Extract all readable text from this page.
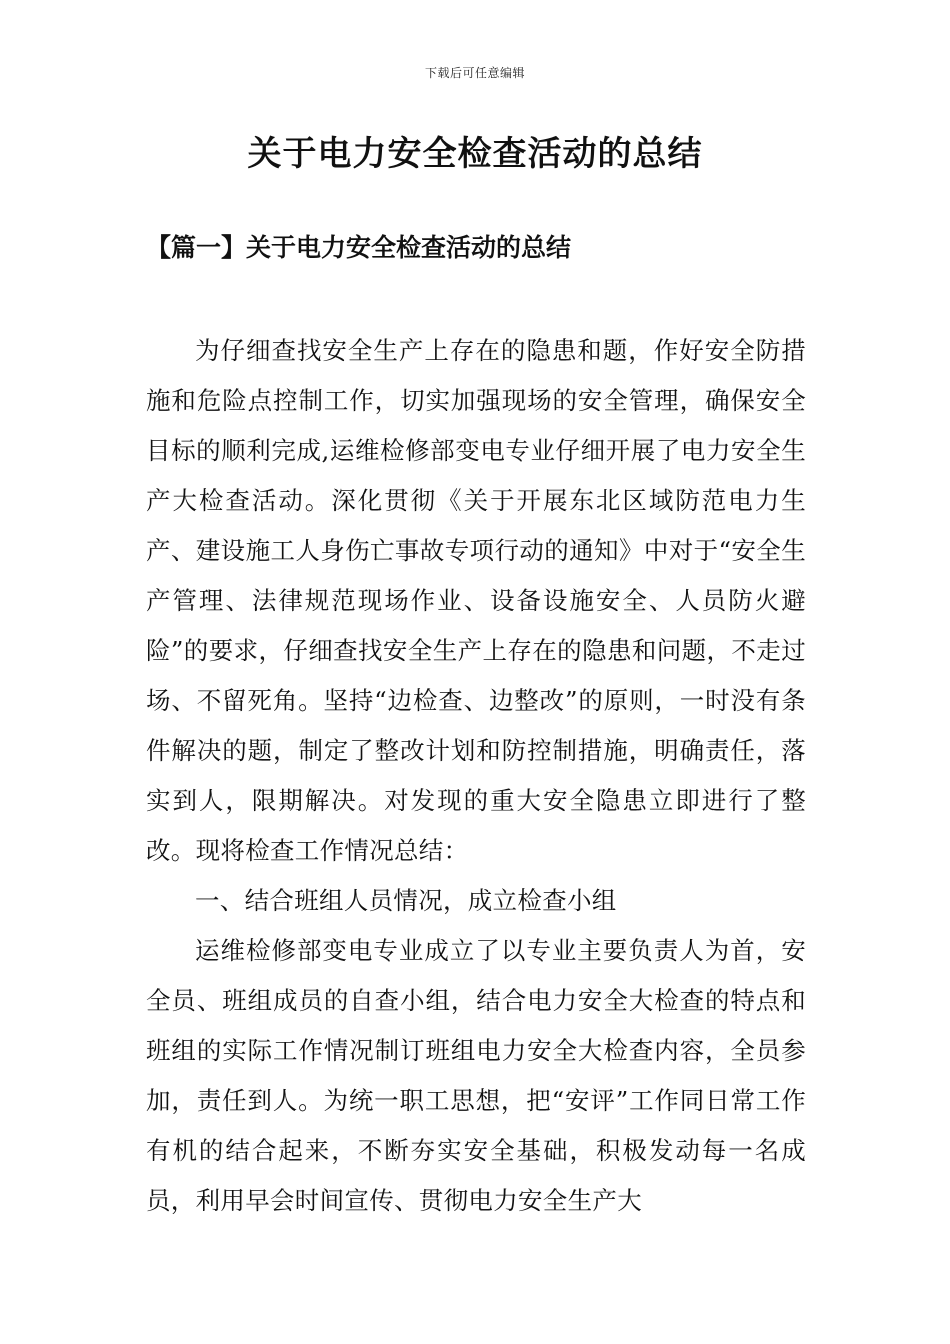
下载后可任意编辑
关于电力安全检查活动的总结
【篇一】关于电力安全检查活动的总结

为仔细查找安全生产上存在的隐患和题，作好安全防措施和危险点控制工作，切实加强现场的安全管理，确保安全目标的顺利完成,运维检修部变电专业仔细开展了电力安全生产大检查活动。深化贯彻《关于开展东北区域防范电力生产、建设施工人身伤亡事故专项行动的通知》中对于“安全生产管理、法律规范现场作业、设备设施安全、人员防火避险”的要求，仔细查找安全生产上存在的隐患和问题，不走过场、不留死角。坚持“边检查、边整改”的原则，一时没有条件解决的题，制定了整改计划和防控制措施，明确责任，落实到人，限期解决。对发现的重大安全隐患立即进行了整改。现将检查工作情况总结：

一、结合班组人员情况，成立检查小组

运维检修部变电专业成立了以专业主要负责人为首，安全员、班组成员的自查小组，结合电力安全大检查的特点和班组的实际工作情况制订班组电力安全大检查内容，全员参加，责任到人。为统一职工思想，把“安评”工作同日常工作有机的结合起来，不断夯实安全基础，积极发动每一名成员，利用早会时间宣传、贯彻电力安全生产大
